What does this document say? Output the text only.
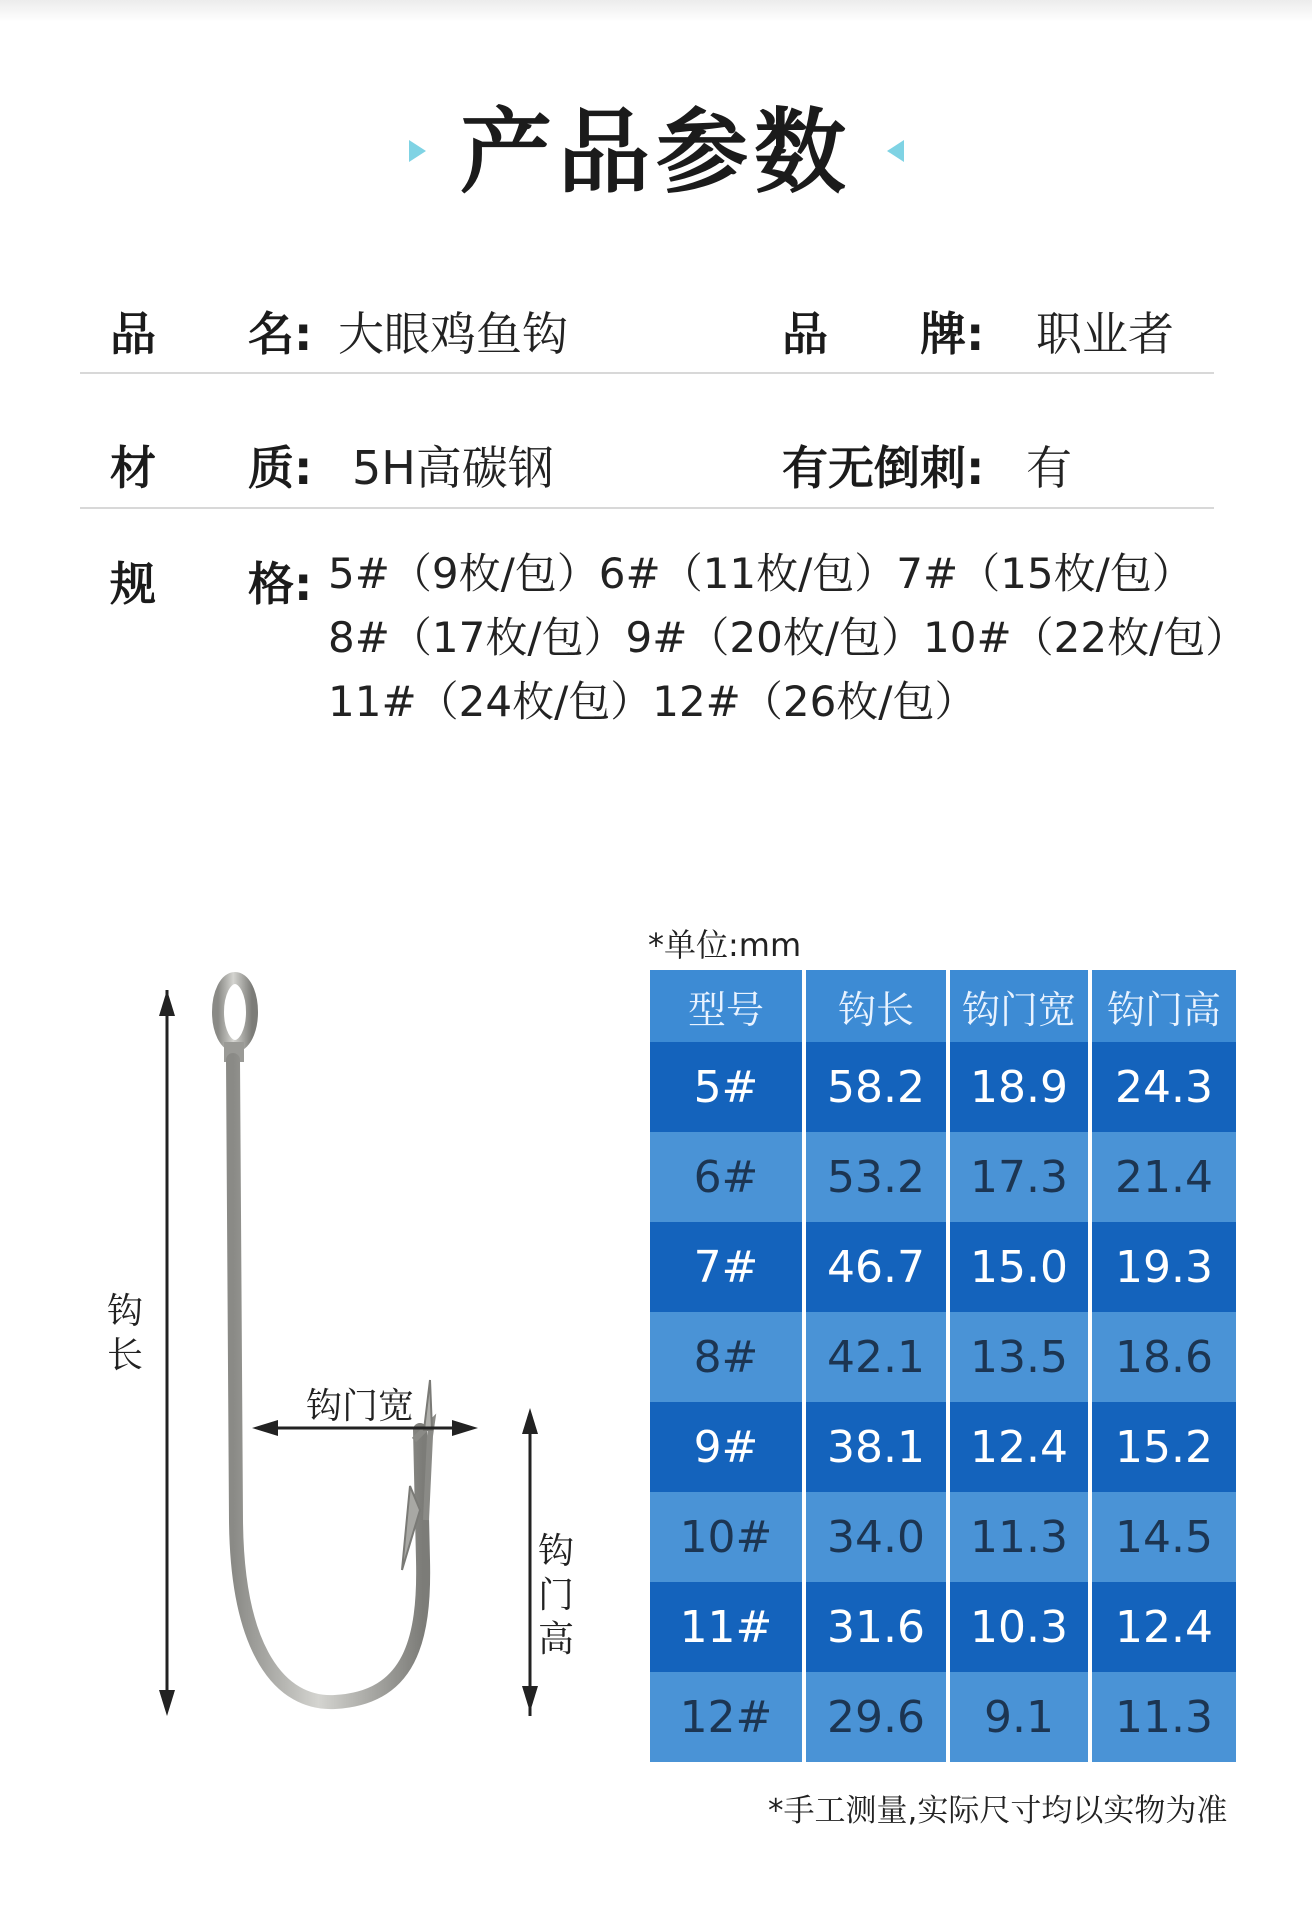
产品参数
品　　名: 大眼鸡鱼钩	品　　牌: 职业者
材　　质: 5H高碳钢	有无倒刺: 有
规　　格: 5#（9枚/包）6#（11枚/包）7#（15枚/包）
8#（17枚/包）9#（20枚/包）10#（22枚/包）
11#（24枚/包）12#（26枚/包）
钩门宽
钩长
钩门高
*单位:mm
型号	钩长	钩门宽	钩门高
5#	58.2	18.9	24.3
6#	53.2	17.3	21.4
7#	46.7	15.0	19.3
8#	42.1	13.5	18.6
9#	38.1	12.4	15.2
10#	34.0	11.3	14.5
11#	31.6	10.3	12.4
12#	29.6	9.1	11.3
*手工测量,实际尺寸均以实物为准
